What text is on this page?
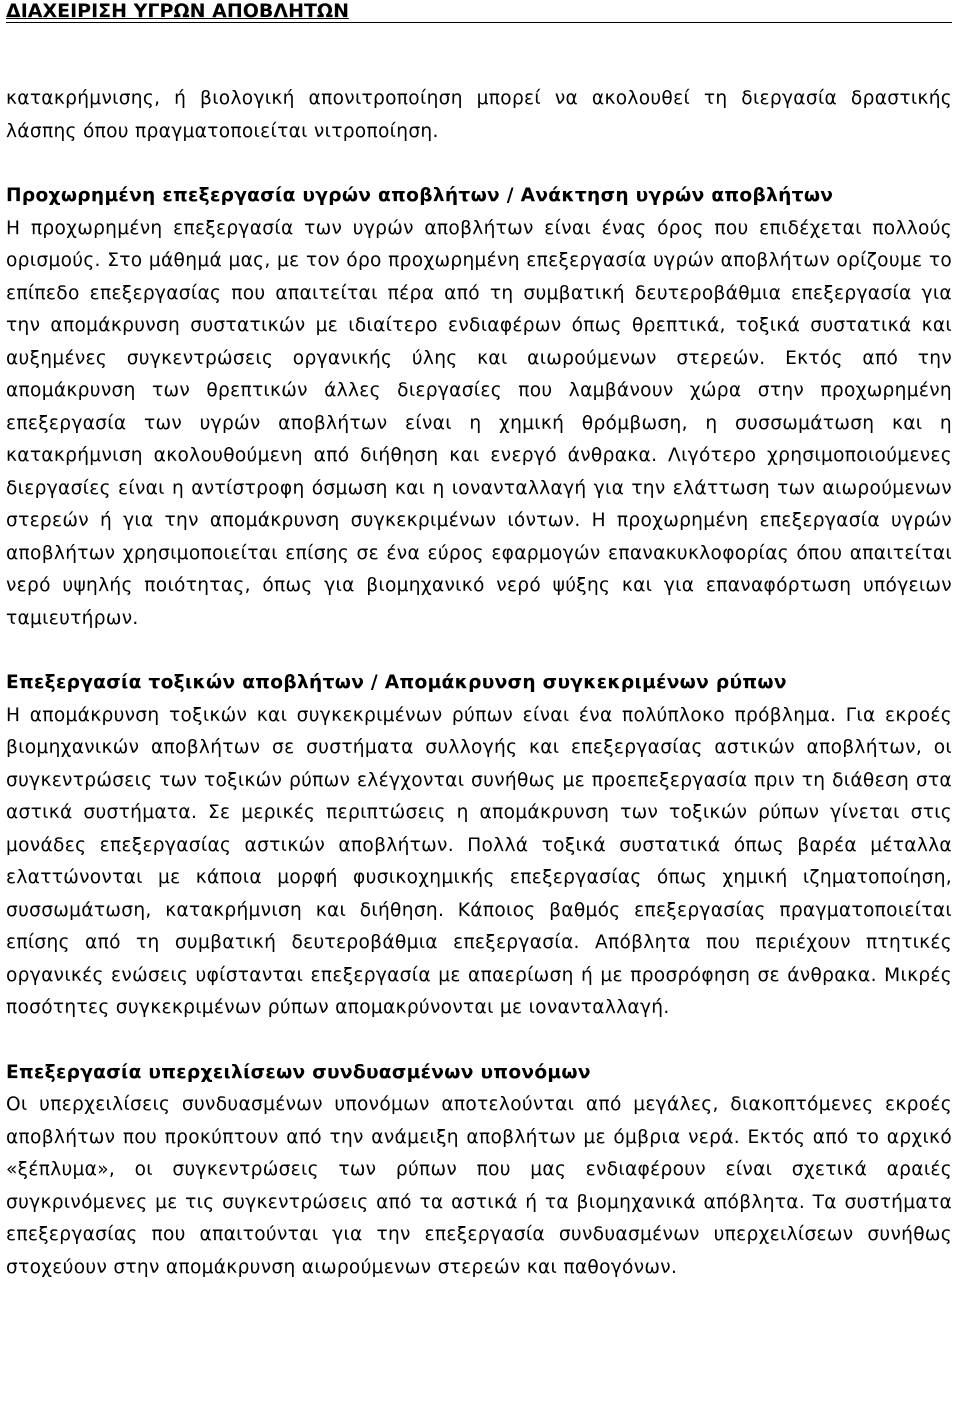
ΔΙΑΧΕΙΡΙΣΗ ΥΓΡΩΝ ΑΠΟΒΛΗΤΩΝ

κατακρήμνισης, ή βιολογική απονιτροποίηση μπορεί να ακολουθεί τη διεργασία δραστικής λάσπης όπου πραγματοποιείται νιτροποίηση.

Προχωρημένη επεξεργασία υγρών αποβλήτων / Ανάκτηση υγρών αποβλήτων

Η προχωρημένη επεξεργασία των υγρών αποβλήτων είναι ένας όρος που επιδέχεται πολλούς ορισμούς. Στο μάθημά μας, με τον όρο προχωρημένη επεξεργασία υγρών αποβλήτων ορίζουμε το επίπεδο επεξεργασίας που απαιτείται πέρα από τη συμβατική δευτεροβάθμια επεξεργασία για την απομάκρυνση συστατικών με ιδιαίτερο ενδιαφέρων όπως θρεπτικά, τοξικά συστατικά και αυξημένες συγκεντρώσεις οργανικής ύλης και αιωρούμενων στερεών. Εκτός από την απομάκρυνση των θρεπτικών άλλες διεργασίες που λαμβάνουν χώρα στην προχωρημένη επεξεργασία των υγρών αποβλήτων είναι η χημική θρόμβωση, η συσσωμάτωση και η κατακρήμνιση ακολουθούμενη από διήθηση και ενεργό άνθρακα. Λιγότερο χρησιμοποιούμενες διεργασίες είναι η αντίστροφη όσμωση και η ιονανταλλαγή για την ελάττωση των αιωρούμενων στερεών ή για την απομάκρυνση συγκεκριμένων ιόντων. Η προχωρημένη επεξεργασία υγρών αποβλήτων χρησιμοποιείται επίσης σε ένα εύρος εφαρμογών επανακυκλοφορίας όπου απαιτείται νερό υψηλής ποιότητας, όπως για βιομηχανικό νερό ψύξης και για επαναφόρτωση υπόγειων ταμιευτήρων.

Επεξεργασία τοξικών αποβλήτων / Απομάκρυνση συγκεκριμένων ρύπων

Η απομάκρυνση τοξικών και συγκεκριμένων ρύπων είναι ένα πολύπλοκο πρόβλημα. Για εκροές βιομηχανικών αποβλήτων σε συστήματα συλλογής και επεξεργασίας αστικών αποβλήτων, οι συγκεντρώσεις των τοξικών ρύπων ελέγχονται συνήθως με προεπεξεργασία πριν τη διάθεση στα αστικά συστήματα. Σε μερικές περιπτώσεις η απομάκρυνση των τοξικών ρύπων γίνεται στις μονάδες επεξεργασίας αστικών αποβλήτων. Πολλά τοξικά συστατικά όπως βαρέα μέταλλα ελαττώνονται με κάποια μορφή φυσικοχημικής επεξεργασίας όπως χημική ιζηματοποίηση, συσσωμάτωση, κατακρήμνιση και διήθηση. Κάποιος βαθμός επεξεργασίας πραγματοποιείται επίσης από τη συμβατική δευτεροβάθμια επεξεργασία. Απόβλητα που περιέχουν πτητικές οργανικές ενώσεις υφίστανται επεξεργασία με απαερίωση ή με προσρόφηση σε άνθρακα. Μικρές ποσότητες συγκεκριμένων ρύπων απομακρύνονται με ιονανταλλαγή.

Επεξεργασία υπερχειλίσεων συνδυασμένων υπονόμων

Οι υπερχειλίσεις συνδυασμένων υπονόμων αποτελούνται από μεγάλες, διακοπτόμενες εκροές αποβλήτων που προκύπτουν από την ανάμειξη αποβλήτων με όμβρια νερά. Εκτός από το αρχικό «ξέπλυμα», οι συγκεντρώσεις των ρύπων που μας ενδιαφέρουν είναι σχετικά αραιές συγκρινόμενες με τις συγκεντρώσεις από τα αστικά ή τα βιομηχανικά απόβλητα. Τα συστήματα επεξεργασίας που απαιτούνται για την επεξεργασία συνδυασμένων υπερχειλίσεων συνήθως στοχεύουν στην απομάκρυνση αιωρούμενων στερεών και παθογόνων.
